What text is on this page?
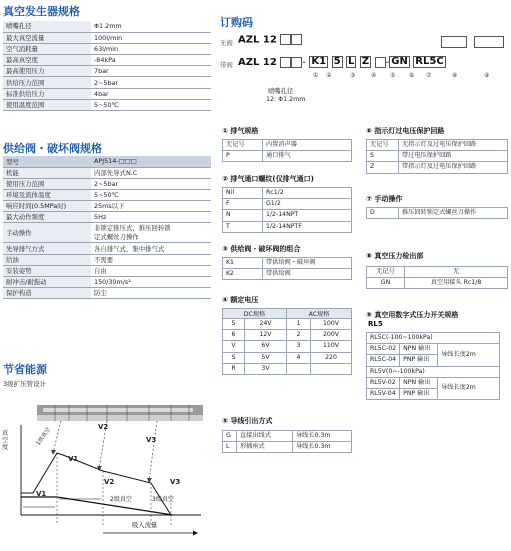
真空发生器规格
喷嘴孔径	Φ1.2mm
最大真空流量	100l/min
空气消耗量	63l/min
最高真空度	-84kPa
最高使用压力	7bar
供给压力范围	2~5bar
标准供给压力	4bar
使用温度范围	5~50℃
供给阀・破坏阀规格
型号	APJ514-□□□
机能	内部先导式N.C
使用压力范围	2~5bar
环境及流体温度	5~50℃
响应时间(0.5MPa时)	25ms以下
最大动作频度	5Hz
手动操作	非锁定推压式，推压回转锁
定式螺丝刀操作

先导排气方式	各自排气式，集中排气式
给油	不需要
安装姿势	自由
耐冲击/耐振动	150/30m/s²
保护构造	防尘
节省能源
3级扩压管设计
真空度
V1
V2
V3
V1
V2	V3
1级真空
2级真空	3级真空
吸入流量
订购码
无阀 AZL 12

带阀 AZL 12	- K1 5 L Z - GN RL5C
① ②	③	④ ⑤ ⑥ ⑦	⑧	⑨
喷嘴孔径
12: Φ1.2mm
① 排气规格
无记号	内置消声器
P	通口排气
② 排气通口螺纹(仅排气通口)
Nil	Rc1/2
F	G1/2
N	1/2-14NPT
T	1/2-14NPTF
③ 供给阀・破坏阀的组合
K1	带供给阀・破坏阀
K2	带供给阀
④ 额定电压
DC规格		AC规格	
5	24V	1	100V
6	12V	2	200V
V	6V	3	110V
S	5V	4	220
R	3V		
⑤ 导线引出方式
G	直接出线式	导线长0.3m
L	形插座式	导线长0.3m
⑥ 指示灯过电压保护回路
无记号	无指示灯及过电压保护回路
S	带过电压保护回路
Z	带指示灯及过电压保护回路
⑦ 手动操作
D	推压回转锁定式螺丝刀操作
⑧ 真空压力检出部
无记号	无
GN	真空用接头 Rc1/8
⑨ 真空用数字式压力开关规格
RL5
RL5C(-100~100kPa)		
RL5C-02	NPN 输出	导线长度2m
RL5C-04	PNP 输出	
RL5V(0~-100kPa)		
RL5V-02	NPN 输出	导线长度2m
RL5V-04	PNP 输出	
